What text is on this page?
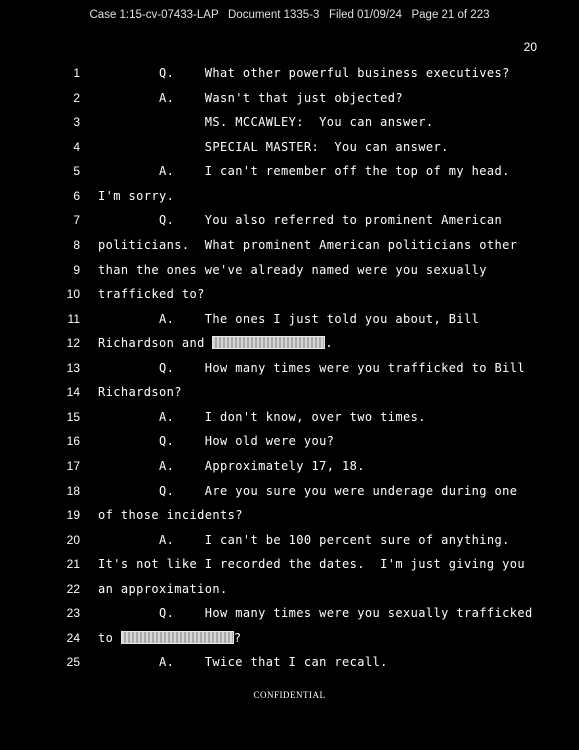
Case 1:15-cv-07433-LAP   Document 1335-3   Filed 01/09/24   Page 21 of 223
20
1 Q.    What other powerful business executives?
2 A.    Wasn't that just objected?
3 MS. MCCAWLEY:  You can answer.
4 SPECIAL MASTER:  You can answer.
5 A.    I can't remember off the top of my head.
6 I'm sorry.
7 Q.    You also referred to prominent American
8 politicians.  What prominent American politicians other
9 than the ones we've already named were you sexually
10 trafficked to?
11 A.    The ones I just told you about, Bill
12 Richardson and	.
13 Q.    How many times were you trafficked to Bill
14 Richardson?
15 A.    I don't know, over two times.
16 Q.    How old were you?
17 A.    Approximately 17, 18.
18 Q.    Are you sure you were underage during one
19 of those incidents?
20 A.    I can't be 100 percent sure of anything.
21 It's not like I recorded the dates.  I'm just giving you
22 an approximation.
23 Q.    How many times were you sexually trafficked
24 to	?
25 A.    Twice that I can recall.
CONFIDENTIAL
